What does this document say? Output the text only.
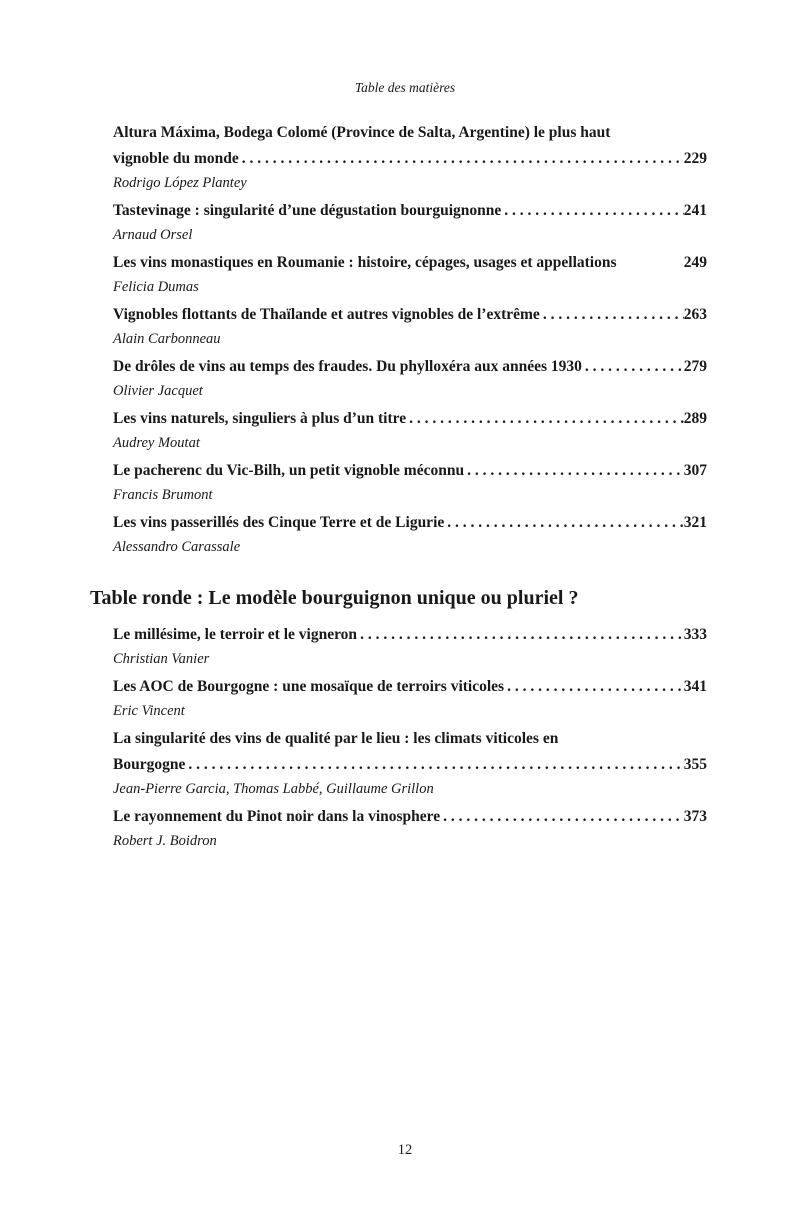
Table des matières
Altura Máxima, Bodega Colomé (Province de Salta, Argentine) le plus haut
vignoble du monde . . .	229
Rodrigo López Plantey
Tastevinage : singularité d’une dégustation bourguignonne . . .	241
Arnaud Orsel
Les vins monastiques en Roumanie : histoire, cépages, usages et appellations	249
Felicia Dumas
Vignobles flottants de Thaïlande et autres vignobles de l’extrême . . .	263
Alain Carbonneau
De drôles de vins au temps des fraudes. Du phylloxéra aux années 1930 . . .	279
Olivier Jacquet
Les vins naturels, singuliers à plus d’un titre . . .	289
Audrey Moutat
Le pacherenc du Vic-Bilh, un petit vignoble méconnu . . .	307
Francis Brumont
Les vins passerillés des Cinque Terre et de Ligurie . . .	321
Alessandro Carassale
Table ronde : Le modèle bourguignon unique ou pluriel ?
Le millésime, le terroir et le vigneron . . .	333
Christian Vanier
Les AOC de Bourgogne : une mosaïque de terroirs viticoles . . .	341
Eric Vincent
La singularité des vins de qualité par le lieu : les climats viticoles en
Bourgogne . . .	355
Jean-Pierre Garcia, Thomas Labbé, Guillaume Grillon
Le rayonnement du Pinot noir dans la vinosphere . . .	373
Robert J. Boidron
12
